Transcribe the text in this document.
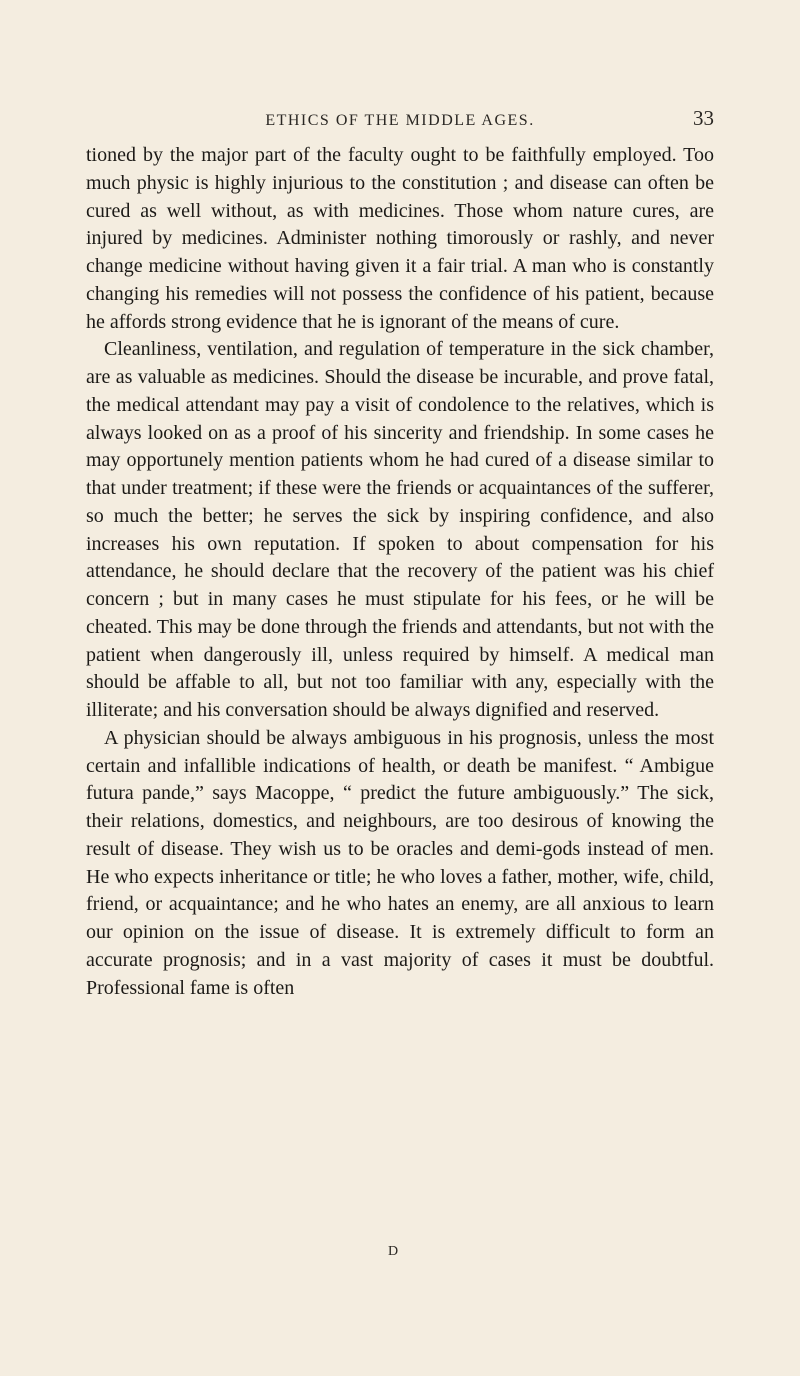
ETHICS OF THE MIDDLE AGES.	33

tioned by the major part of the faculty ought to be faithfully employed. Too much physic is highly injurious to the constitution ; and disease can often be cured as well without, as with medicines. Those whom nature cures, are injured by medicines. Administer nothing timorously or rashly, and never change medicine without having given it a fair trial. A man who is constantly changing his remedies will not possess the confidence of his patient, because he affords strong evidence that he is ignorant of the means of cure.

Cleanliness, ventilation, and regulation of temperature in the sick chamber, are as valuable as medicines. Should the disease be incurable, and prove fatal, the medical attendant may pay a visit of condolence to the relatives, which is always looked on as a proof of his sincerity and friendship. In some cases he may opportunely mention patients whom he had cured of a disease similar to that under treatment; if these were the friends or acquaintances of the sufferer, so much the better; he serves the sick by inspiring confidence, and also increases his own reputation. If spoken to about compensation for his attendance, he should declare that the recovery of the patient was his chief concern ; but in many cases he must stipulate for his fees, or he will be cheated. This may be done through the friends and attendants, but not with the patient when dangerously ill, unless required by himself. A medical man should be affable to all, but not too familiar with any, especially with the illiterate; and his conversation should be always dignified and reserved.

A physician should be always ambiguous in his prognosis, unless the most certain and infallible indications of health, or death be manifest. “ Ambigue futura pande,” says Macoppe, “ predict the future ambiguously.” The sick, their relations, domestics, and neighbours, are too desirous of knowing the result of disease. They wish us to be oracles and demi-gods instead of men. He who expects inheritance or title; he who loves a father, mother, wife, child, friend, or acquaintance; and he who hates an enemy, are all anxious to learn our opinion on the issue of disease. It is extremely difficult to form an accurate prognosis; and in a vast majority of cases it must be doubtful. Professional fame is often

D
